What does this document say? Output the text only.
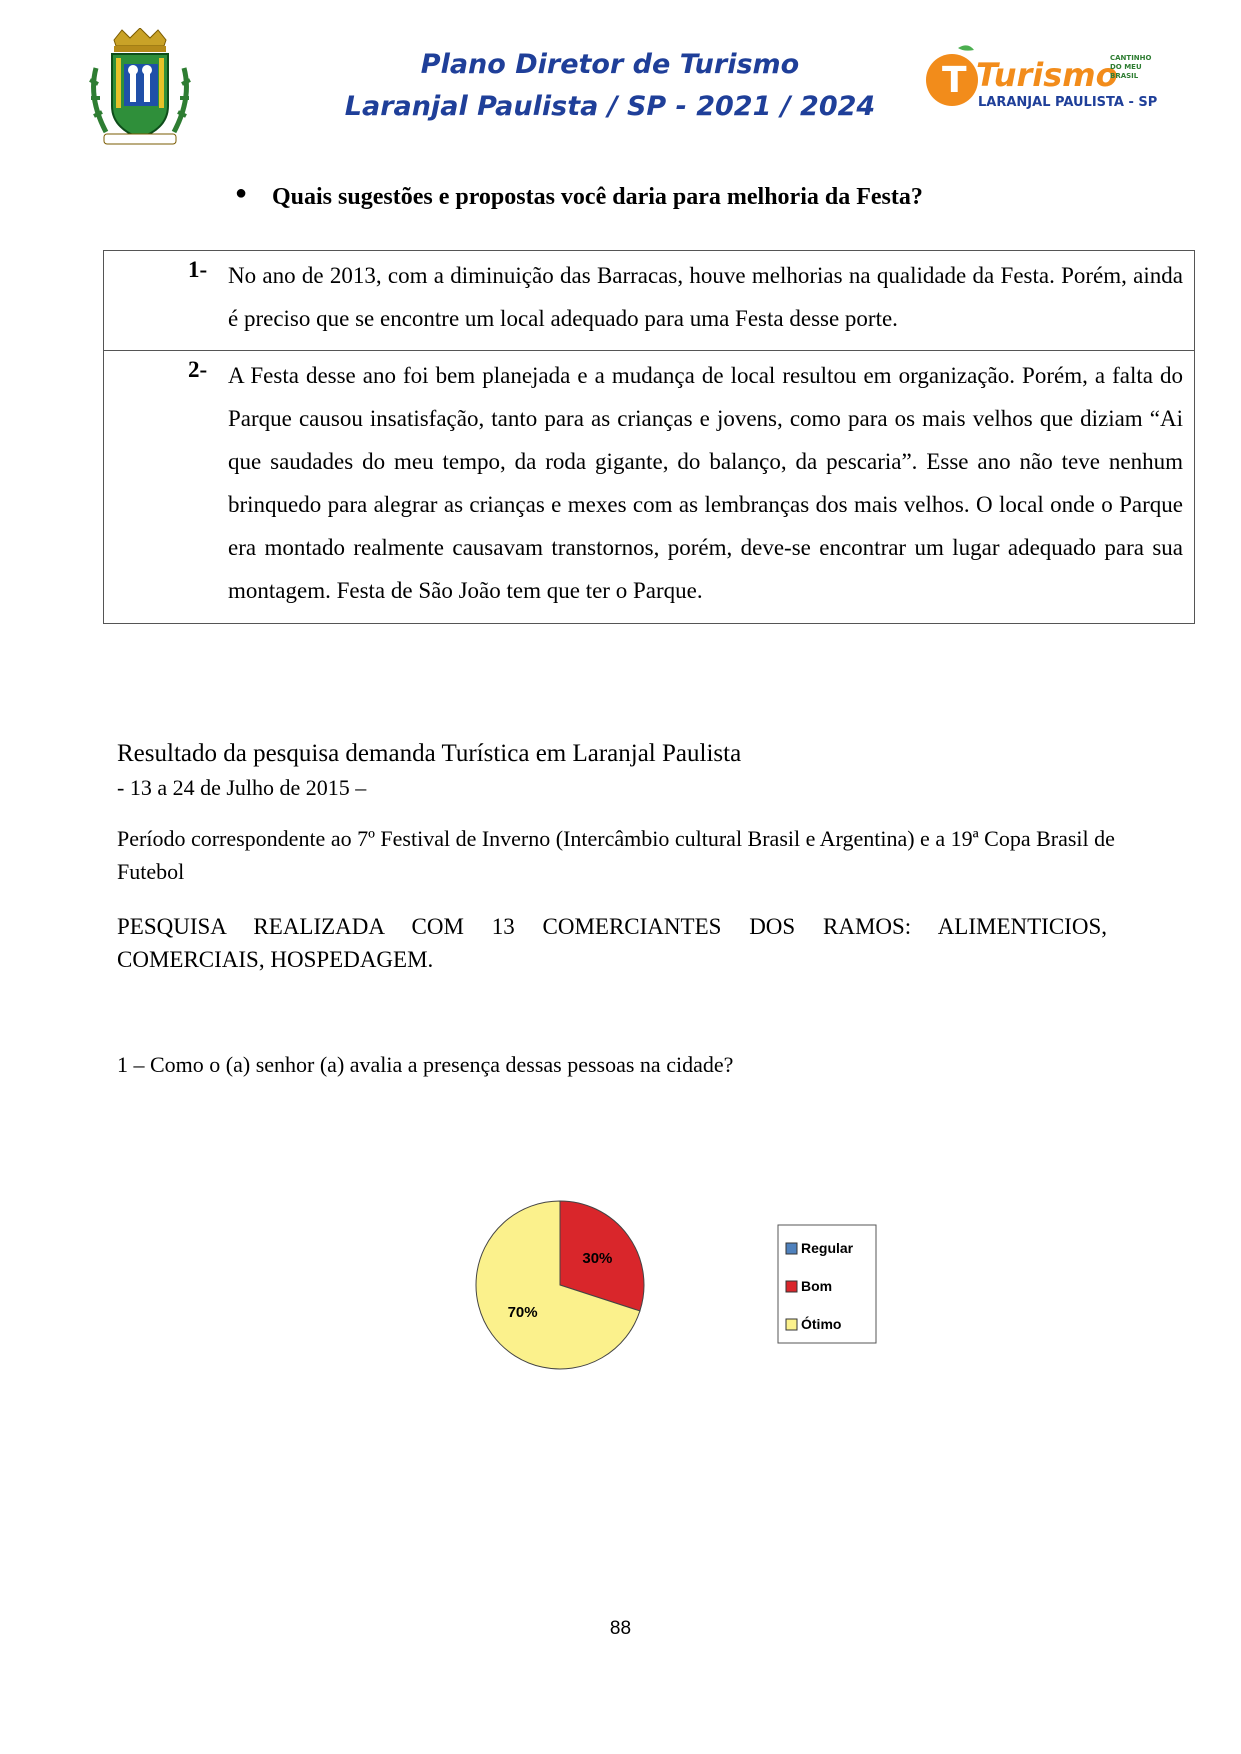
Plano Diretor de Turismo
Laranjal Paulista / SP - 2021 / 2024
T Turismo
CANTINHO
DO MEU
BRASIL
LARANJAL PAULISTA - SP
● Quais sugestões e propostas você daria para melhoria da Festa?
1- No ano de 2013, com a diminuição das Barracas, houve melhorias na qualidade da Festa. Porém, ainda é preciso que se encontre um local adequado para uma Festa desse porte.

2- A Festa desse ano foi bem planejada e a mudança de local resultou em organização. Porém, a falta do Parque causou insatisfação, tanto para as crianças e jovens, como para os mais velhos que diziam “Ai que saudades do meu tempo, da roda gigante, do balanço, da pescaria”. Esse ano não teve nenhum brinquedo para alegrar as crianças e mexes com as lembranças dos mais velhos. O local onde o Parque era montado realmente causavam transtornos, porém, deve-se encontrar um lugar adequado para sua montagem. Festa de São João tem que ter o Parque.
Resultado da pesquisa demanda Turística em Laranjal Paulista
- 13 a 24 de Julho de 2015 –
Período correspondente ao 7º Festival de Inverno (Intercâmbio cultural Brasil e Argentina) e a 19ª Copa Brasil de Futebol
PESQUISA REALIZADA COM 13 COMERCIANTES DOS RAMOS: ALIMENTICIOS,
COMERCIAIS, HOSPEDAGEM.
1 – Como o (a) senhor (a) avalia a presença dessas pessoas na cidade?
30%
70%
Regular
Bom
Ótimo
88
